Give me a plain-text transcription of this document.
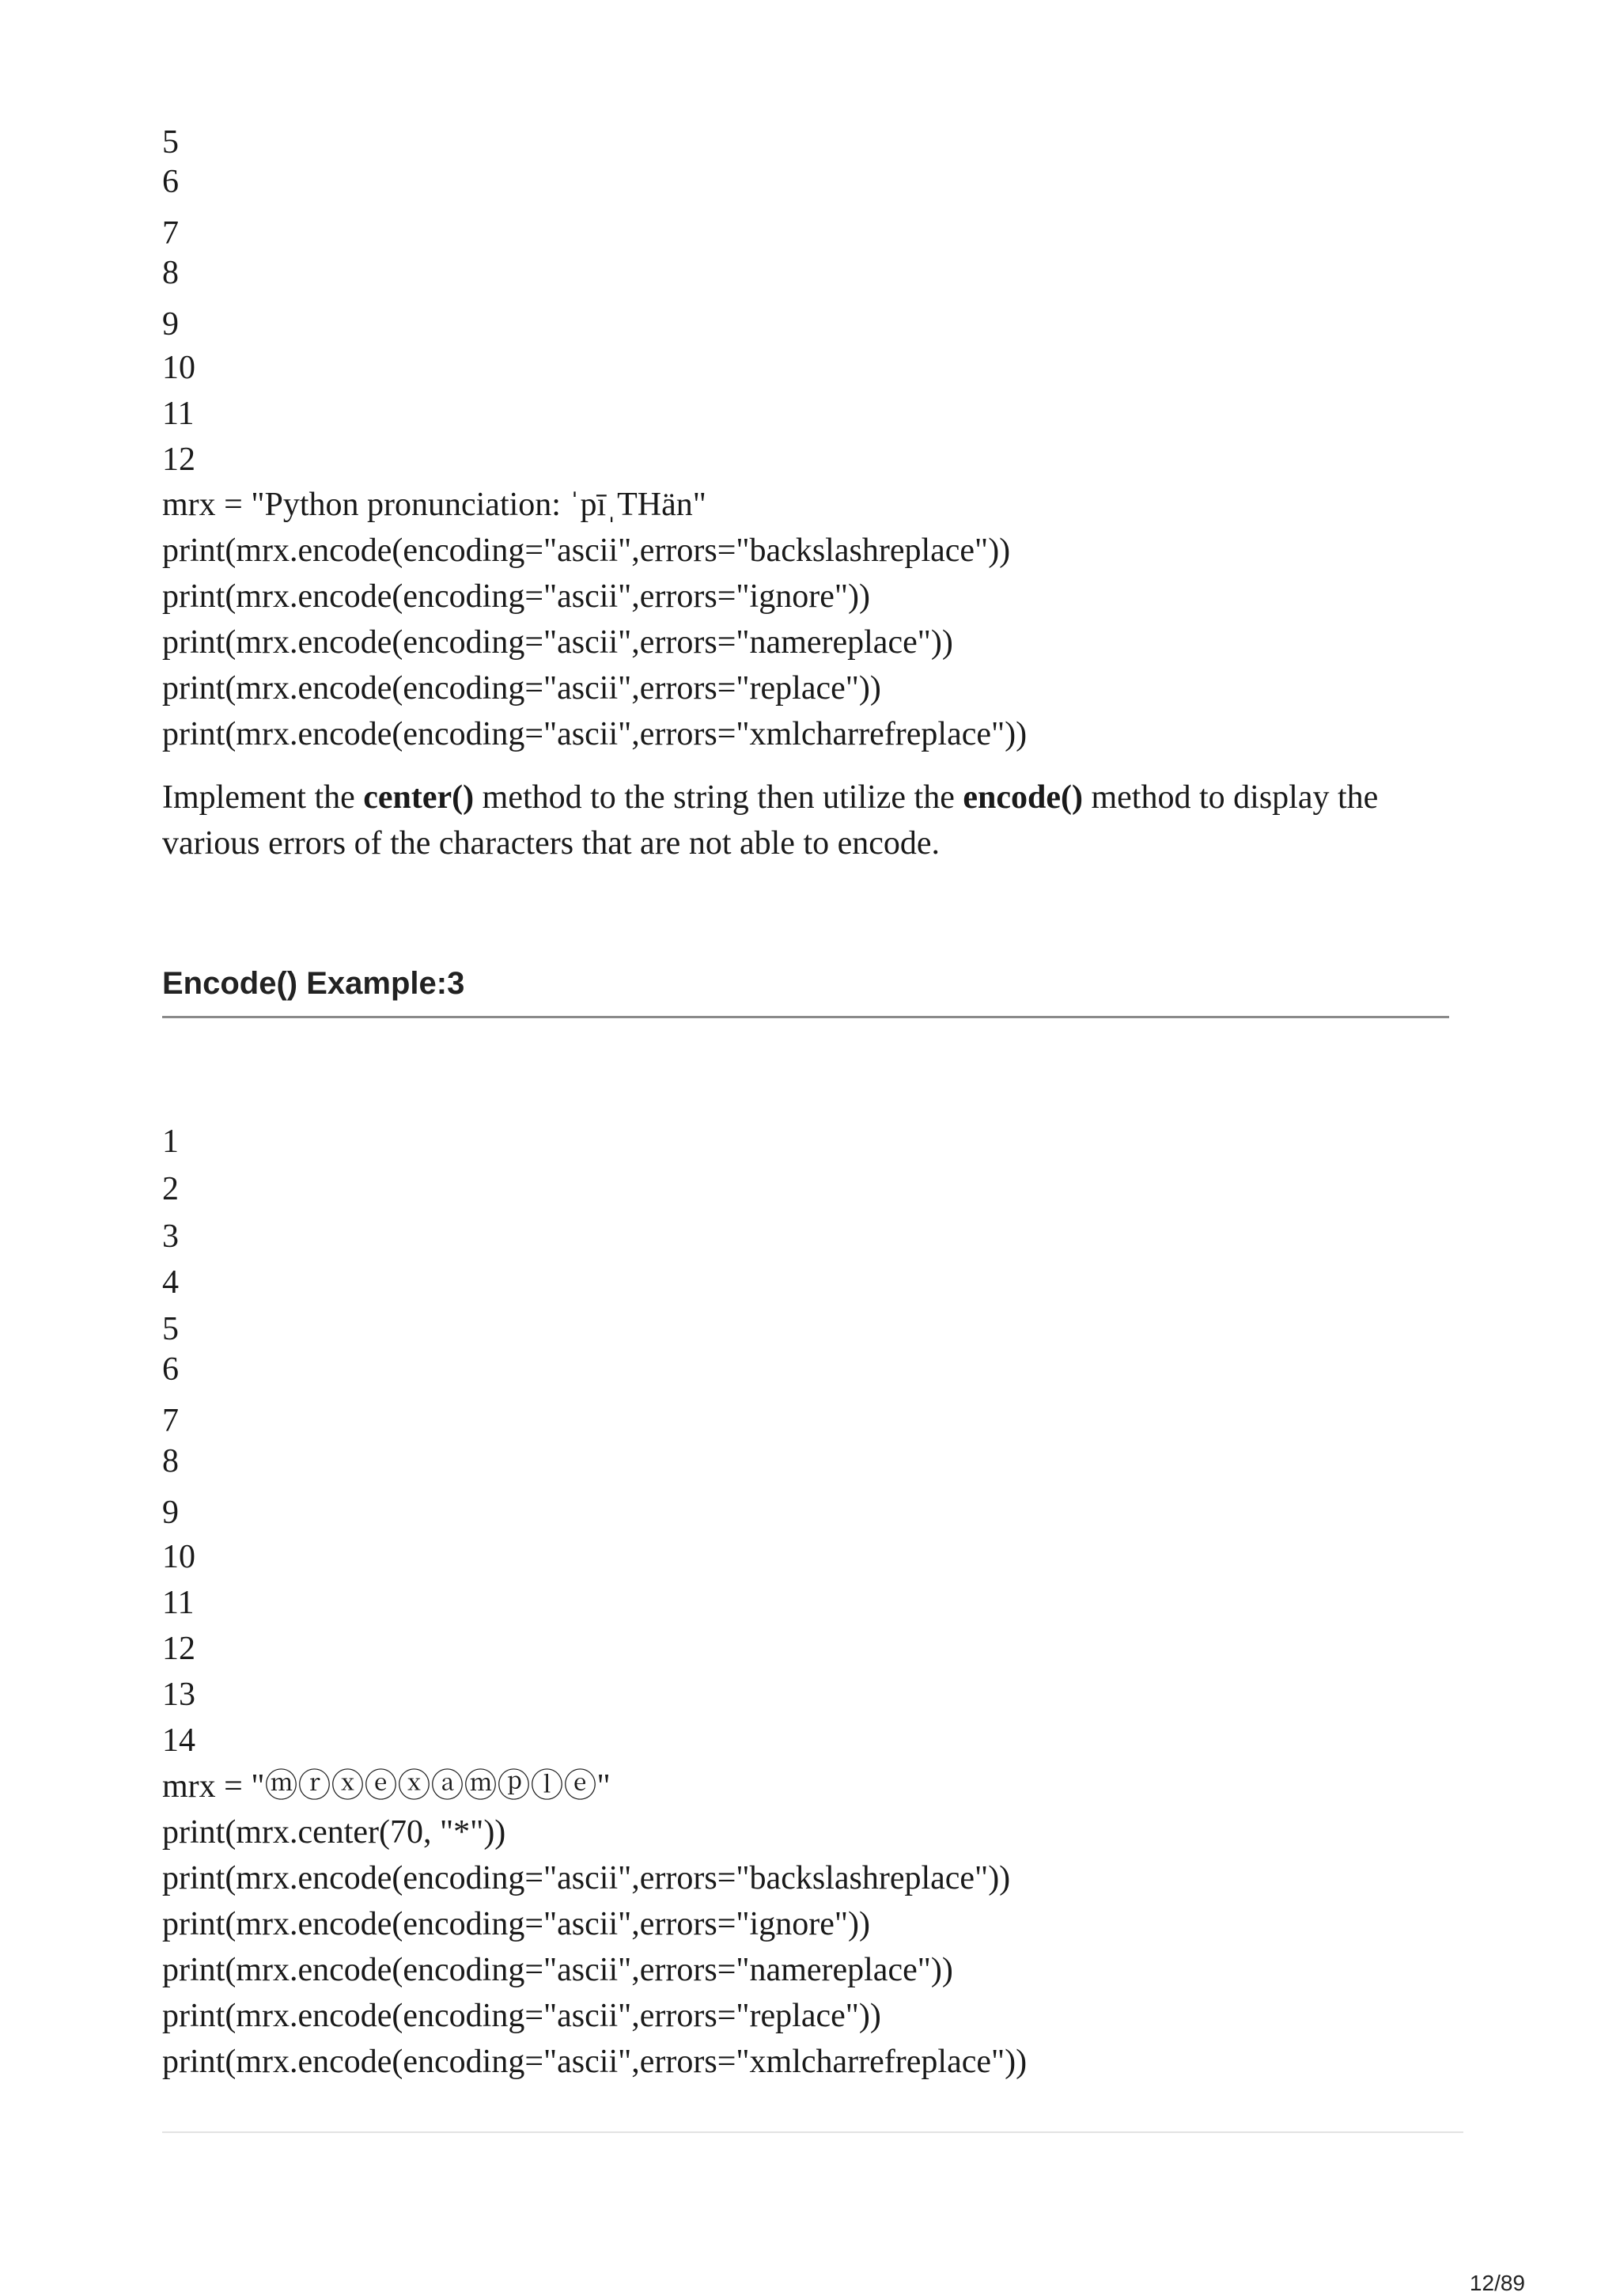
5
6
7
8
9
10
11
12
mrx = "Python pronunciation: ˈpīˌTHän"
print(mrx.encode(encoding="ascii",errors="backslashreplace"))
print(mrx.encode(encoding="ascii",errors="ignore"))
print(mrx.encode(encoding="ascii",errors="namereplace"))
print(mrx.encode(encoding="ascii",errors="replace"))
print(mrx.encode(encoding="ascii",errors="xmlcharrefreplace"))
Implement the center() method to the string then utilize the encode() method to display the various errors of the characters that are not able to encode.
Encode() Example:3
1
2
3
4
5
6
7
8
9
10
11
12
13
14
mrx = "ⓜⓡⓧⓔⓧⓐⓜⓟⓛⓔ"
print(mrx.center(70, "*"))
print(mrx.encode(encoding="ascii",errors="backslashreplace"))
print(mrx.encode(encoding="ascii",errors="ignore"))
print(mrx.encode(encoding="ascii",errors="namereplace"))
print(mrx.encode(encoding="ascii",errors="replace"))
print(mrx.encode(encoding="ascii",errors="xmlcharrefreplace"))
12/89
